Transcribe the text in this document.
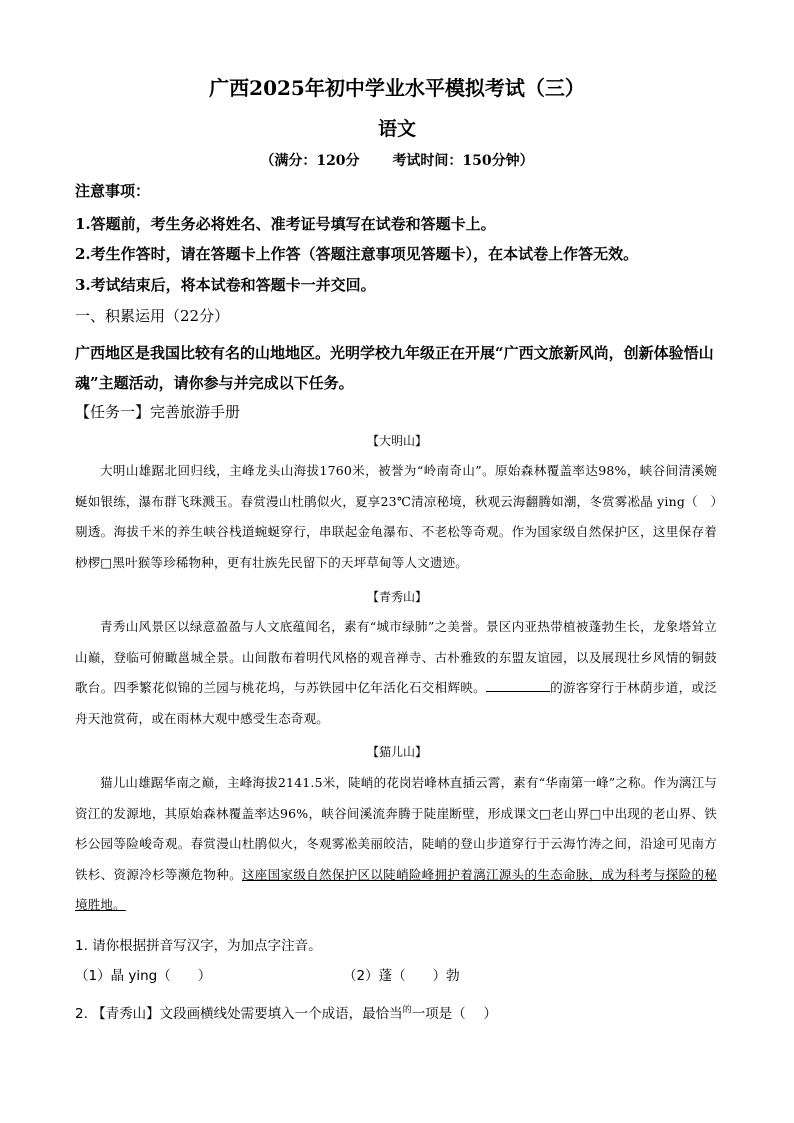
广西2025年初中学业水平模拟考试（三）
语文
（满分：120分 考试时间：150分钟）
注意事项：
1.答题前，考生务必将姓名、准考证号填写在试卷和答题卡上。
2.考生作答时，请在答题卡上作答（答题注意事项见答题卡），在本试卷上作答无效。
3.考试结束后，将本试卷和答题卡一并交回。
一、积累运用（22分）
广西地区是我国比较有名的山地地区。光明学校九年级正在开展“广西文旅新风尚，创新体验悟山魂”主题活动，请你参与并完成以下任务。
【任务一】完善旅游手册
【大明山】
大明山雄踞北回归线，主峰龙头山海拔1760米，被誉为“岭南奇山”。原始森林覆盖率达98%，峡谷间清溪婉蜒如银练，瀑布群飞珠溅玉。春赏漫山杜鹃似火，夏享23℃清凉秘境，秋观云海翻腾如潮，冬赏雾凇晶 ying（　）剔透。海拔千米的养生峡谷栈道蜿蜒穿行，串联起金龟瀑布、不老松等奇观。作为国家级自然保护区，这里保存着桫椤□黑叶猴等珍稀物种，更有壮族先民留下的天坪草甸等人文遗迹。
【青秀山】
青秀山风景区以绿意盈盈与人文底蕴闻名，素有“城市绿肺”之美誉。景区内亚热带植被蓬勃生长，龙象塔耸立山巅，登临可俯瞰邕城全景。山间散布着明代风格的观音禅寺、古朴雅致的东盟友谊园，以及展现壮乡风情的铜鼓歌台。四季繁花似锦的兰园与桃花坞，与苏铁园中亿年活化石交相辉映。	的游客穿行于林荫步道，或泛舟天池赏荷，或在雨林大观中感受生态奇观。
【猫儿山】
猫儿山雄踞华南之巅，主峰海拔2141.5米，陡峭的花岗岩峰林直插云霄，素有“华南第一峰”之称。作为漓江与资江的发源地，其原始森林覆盖率达96%，峡谷间溪流奔腾于陡崖断壁，形成课文□老山界□中出现的老山界、铁杉公园等险峻奇观。春赏漫山杜鹃似火，冬观雾凇美丽皎洁，陡峭的登山步道穿行于云海竹涛之间，沿途可见南方铁杉、资源冷杉等濒危物种。这座国家级自然保护区以陡峭险峰拥护着漓江源头的生态命脉，成为科考与探险的秘境胜地。
1. 请你根据拼音写汉字，为加点字注音。
（1）晶 ying（　　）	（2）蓬（　　）勃
2. 【青秀山】文段画横线处需要填入一个成语，最恰当$^的$一项是（　 ）
